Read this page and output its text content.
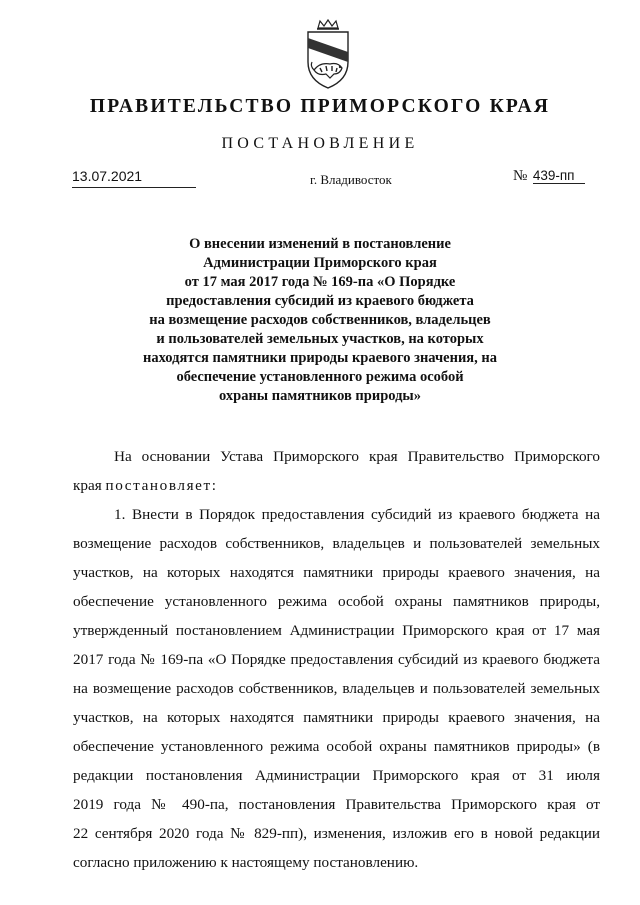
ПРАВИТЕЛЬСТВО ПРИМОРСКОГО КРАЯ
ПОСТАНОВЛЕНИЕ
13.07.2021	г. Владивосток	№ 439-пп
О внесении изменений в постановление
Администрации Приморского края
от 17 мая 2017 года № 169-па «О Порядке
предоставления субсидий из краевого бюджета
на возмещение расходов собственников, владельцев
и пользователей земельных участков, на которых
находятся памятники природы краевого значения, на
обеспечение установленного режима особой
охраны памятников природы»
На основании Устава Приморского края Правительство Приморского
края постановляет:
1. Внести в Порядок предоставления субсидий из краевого бюджета на
возмещение расходов собственников, владельцев и пользователей земельных
участков, на которых находятся памятники природы краевого значения, на
обеспечение установленного режима особой охраны памятников природы,
утвержденный постановлением Администрации Приморского края от 17 мая
2017 года № 169-па «О Порядке предоставления субсидий из краевого бюджета
на возмещение расходов собственников, владельцев и пользователей земельных
участков, на которых находятся памятники природы краевого значения, на
обеспечение установленного режима особой охраны памятников природы» (в
редакции постановления Администрации Приморского края от 31 июля
2019 года № 490-па, постановления Правительства Приморского края от
22 сентября 2020 года № 829-пп), изменения, изложив его в новой редакции
согласно приложению к настоящему постановлению.
